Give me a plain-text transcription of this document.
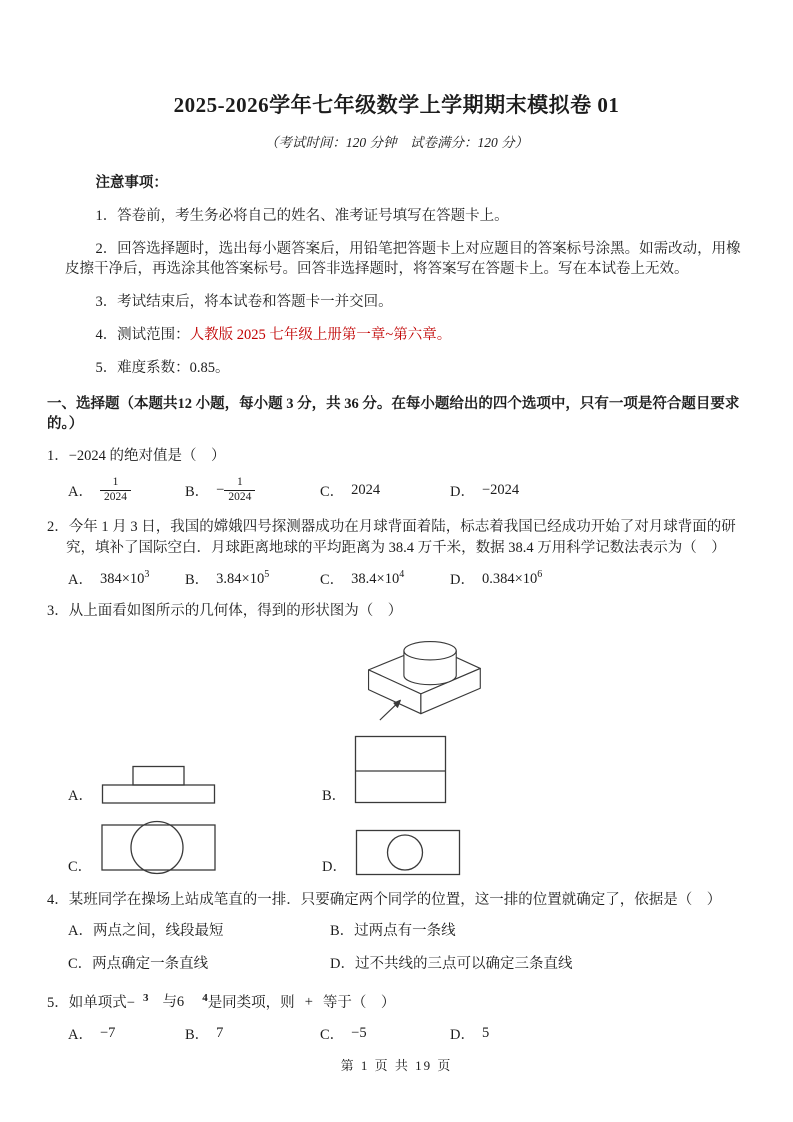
2025-2026学年七年级数学上学期期末模拟卷 01

（考试时间：120 分钟　试卷满分：120 分）

注意事项：

1．答卷前，考生务必将自己的姓名、准考证号填写在答题卡上。

2．回答选择题时，选出每小题答案后，用铅笔把答题卡上对应题目的答案标号涂黑。如需改动，用橡皮擦干净后，再选涂其他答案标号。回答非选择题时，将答案写在答题卡上。写在本试卷上无效。

3．考试结束后，将本试卷和答题卡一并交回。

4．测试范围：人教版 2025 七年级上册第一章~第六章。

5．难度系数：0.85。

一、选择题（本题共12 小题，每小题 3 分，共 36 分。在每小题给出的四个选项中，只有一项是符合题目要求的。）

1．−2024 的绝对值是（　）

A． $\frac{1}{2024}$	B． − $\frac{1}{2024}$	C． 2024	D． −2024

2．今年 1 月 3 日，我国的嫦娥四号探测器成功在月球背面着陆，标志着我国已经成功开始了对月球背面的研究，填补了国际空白．月球距离地球的平均距离为 38.4 万千米，数据 38.4 万用科学记数法表示为（　）

A． $384\times 10^3$ B． $3.84\times 10^5$	C． $38.4\times 10^4$	D． $0.384\times 10^6$

3．从上面看如图所示的几何体，得到的形状图为（　）

A．	B．
C．	D．

4．某班同学在操场上站成笔直的一排．只要确定两个同学的位置，这一排的位置就确定了，依据是（　）

A．两点之间，线段最短	B．过两点有一条线
C．两点确定一条直线	D．过不共线的三点可以确定三条直线

5．如单项式− $^3$ 与6 $^4$是同类项，则 + 等于（　）

A． −7	B． 7	C． −5	D． 5

第 1 页 共 19 页
